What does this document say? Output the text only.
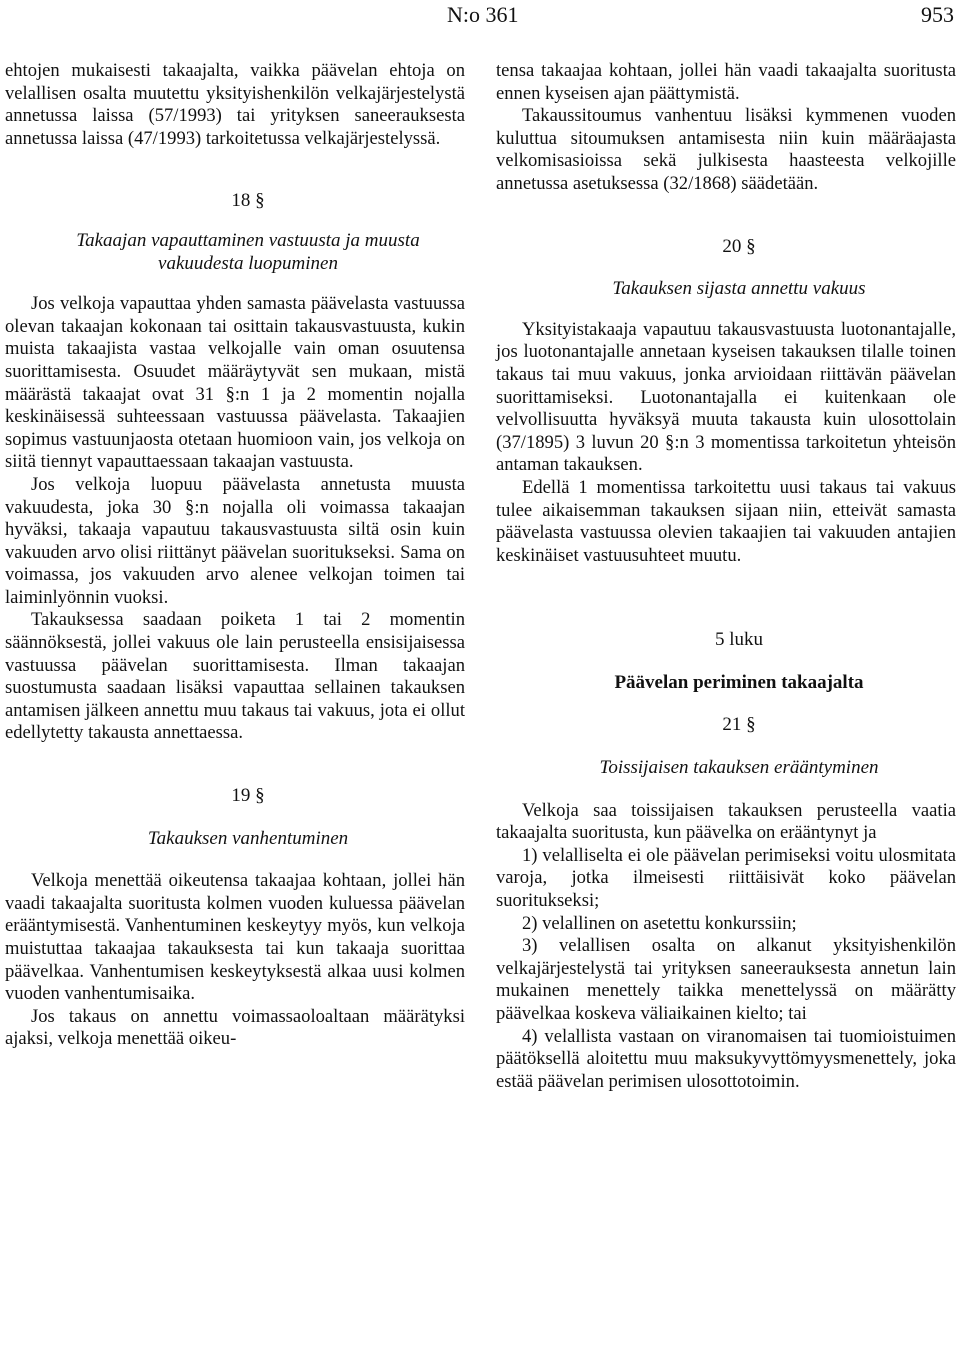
N:o 361	953

ehtojen mukaisesti takaajalta, vaikka päävelan ehtoja on velallisen osalta muutettu yksityishenkilön velkajärjestelystä annetussa laissa (57/1993) tai yrityksen saneerauksesta annetussa laissa (47/1993) tarkoitetussa velkajärjestelyssä.

18 §

Takaajan vapauttaminen vastuusta ja muusta

vakuudesta luopuminen

Jos velkoja vapauttaa yhden samasta päävelasta vastuussa olevan takaajan kokonaan tai osittain takausvastuusta, kukin muista takaajista vastaa velkojalle vain oman osuutensa suorittamisesta. Osuudet määräytyvät sen mukaan, mistä määrästä takaajat ovat 31 §:n 1 ja 2 momentin nojalla keskinäisessä suhteessaan vastuussa päävelasta. Takaajien sopimus vastuunjaosta otetaan huomioon vain, jos velkoja on siitä tiennyt vapauttaessaan takaajan vastuusta.

Jos velkoja luopuu päävelasta annetusta muusta vakuudesta, joka 30 §:n nojalla oli voimassa takaajan hyväksi, takaaja vapautuu takausvastuusta siltä osin kuin vakuuden arvo olisi riittänyt päävelan suoritukseksi. Sama on voimassa, jos vakuuden arvo alenee velkojan toimen tai laiminlyönnin vuoksi.

Takauksessa saadaan poiketa 1 tai 2 momentin säännöksestä, jollei vakuus ole lain perusteella ensisijaisessa vastuussa päävelan suorittamisesta. Ilman takaajan suostumusta saadaan lisäksi vapauttaa sellainen takauksen antamisen jälkeen annettu muu takaus tai vakuus, jota ei ollut edellytetty takausta annettaessa.

19 §

Takauksen vanhentuminen

Velkoja menettää oikeutensa takaajaa kohtaan, jollei hän vaadi takaajalta suoritusta kolmen vuoden kuluessa päävelan erääntymisestä. Vanhentuminen keskeytyy myös, kun velkoja muistuttaa takaajaa takauksesta tai kun takaaja suorittaa päävelkaa. Vanhentumisen keskeytyksestä alkaa uusi kolmen vuoden vanhentumisaika.

Jos takaus on annettu voimassaoloaltaan määrätyksi ajaksi, velkoja menettää oikeu-

tensa takaajaa kohtaan, jollei hän vaadi takaajalta suoritusta ennen kyseisen ajan päättymistä.

Takaussitoumus vanhentuu lisäksi kymmenen vuoden kuluttua sitoumuksen antamisesta niin kuin määräajasta velkomisasioissa sekä julkisesta haasteesta velkojille annetussa asetuksessa (32/1868) säädetään.

20 §

Takauksen sijasta annettu vakuus

Yksityistakaaja vapautuu takausvastuusta luotonantajalle, jos luotonantajalle annetaan kyseisen takauksen tilalle toinen takaus tai muu vakuus, jonka arvioidaan riittävän päävelan suorittamiseksi. Luotonantajalla ei kuitenkaan ole velvollisuutta hyväksyä muuta takausta kuin ulosottolain (37/1895) 3 luvun 20 §:n 3 momentissa tarkoitetun yhteisön antaman takauksen.

Edellä 1 momentissa tarkoitettu uusi takaus tai vakuus tulee aikaisemman takauksen sijaan niin, etteivät samasta päävelasta vastuussa olevien takaajien tai vakuuden antajien keskinäiset vastuusuhteet muutu.

5 luku

Päävelan periminen takaajalta

21 §

Toissijaisen takauksen erääntyminen

Velkoja saa toissijaisen takauksen perusteella vaatia takaajalta suoritusta, kun päävelka on erääntynyt ja

1) velalliselta ei ole päävelan perimiseksi voitu ulosmitata varoja, jotka ilmeisesti riittäisivät koko päävelan suoritukseksi;

2) velallinen on asetettu konkurssiin;

3) velallisen osalta on alkanut yksityishenkilön velkajärjestelystä tai yrityksen saneerauksesta annetun lain mukainen menettely taikka menettelyssä on määrätty päävelkaa koskeva väliaikainen kielto; tai

4) velallista vastaan on viranomaisen tai tuomioistuimen päätöksellä aloitettu muu maksukyvyttömyysmenettely, joka estää päävelan perimisen ulosottotoimin.
